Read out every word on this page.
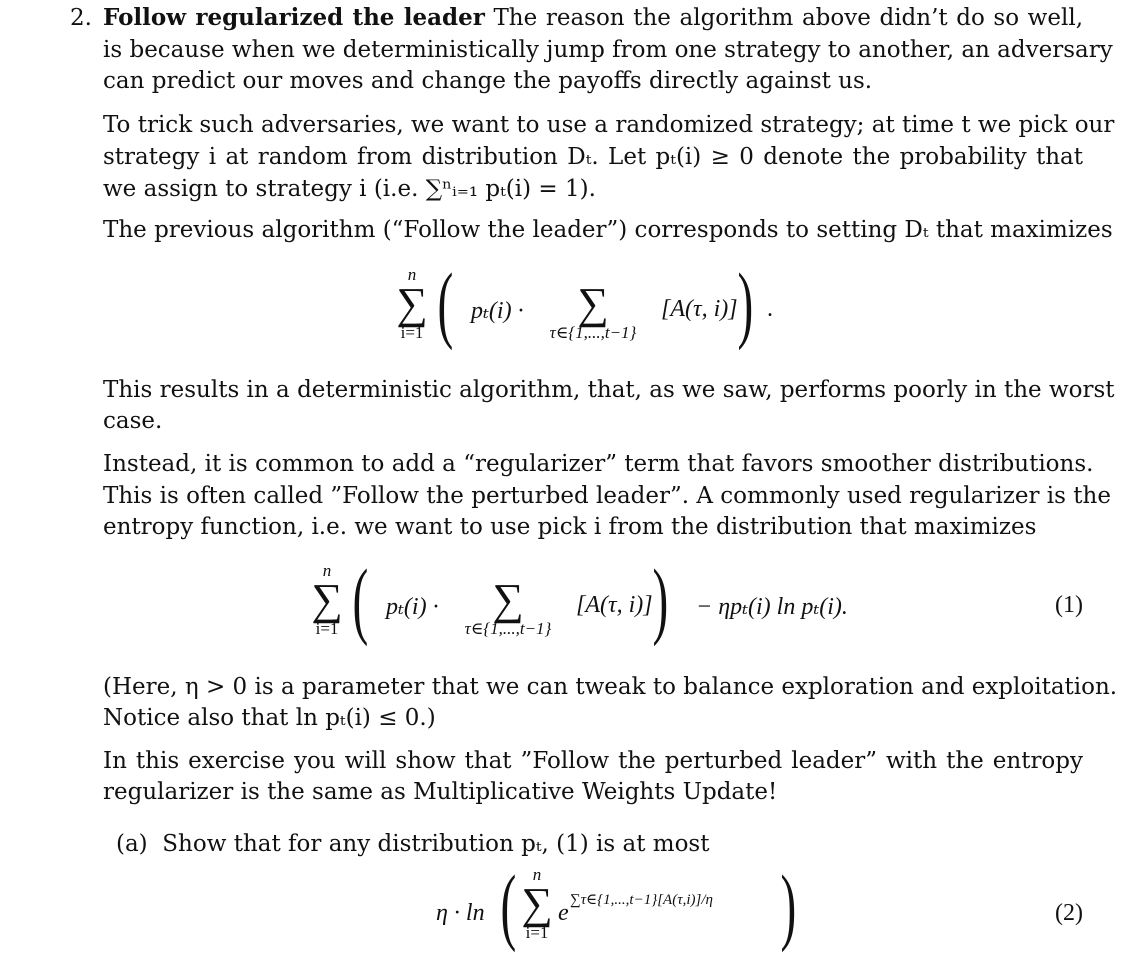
2. Follow regularized the leader The reason the algorithm above didn’t do so well,
is because when we deterministically jump from one strategy to another, an adversary
can predict our moves and change the payoffs directly against us.
To trick such adversaries, we want to use a randomized strategy; at time t we pick our
strategy i at random from distribution Dₜ. Let pₜ(i) ≥ 0 denote the probability that
we assign to strategy i (i.e. ∑ⁿᵢ₌₁ pₜ(i) = 1).
The previous algorithm (“Follow the leader”) corresponds to setting Dₜ that maximizes
n
∑
i=1 ( pₜ(i) ·	∑
τ∈{1,...,t−1}
[A(τ, i)] ) .
This results in a deterministic algorithm, that, as we saw, performs poorly in the worst
case.
Instead, it is common to add a “regularizer” term that favors smoother distributions.
This is often called ”Follow the perturbed leader”. A commonly used regularizer is the
entropy function, i.e. we want to use pick i from the distribution that maximizes
n
∑
i=1 ( pₜ(i) ·	∑
τ∈{1,...,t−1}
[A(τ, i)] ) − ηpₜ(i) ln pₜ(i).	(1)
(Here, η > 0 is a parameter that we can tweak to balance exploration and exploitation.
Notice also that ln pₜ(i) ≤ 0.)
In this exercise you will show that ”Follow the perturbed leader” with the entropy
regularizer is the same as Multiplicative Weights Update!
(a) Show that for any distribution pₜ, (1) is at most
η · ln ( n
∑
i=1
e ∑τ∈{1,...,t−1}[A(τ,i)]/η )	(2)
